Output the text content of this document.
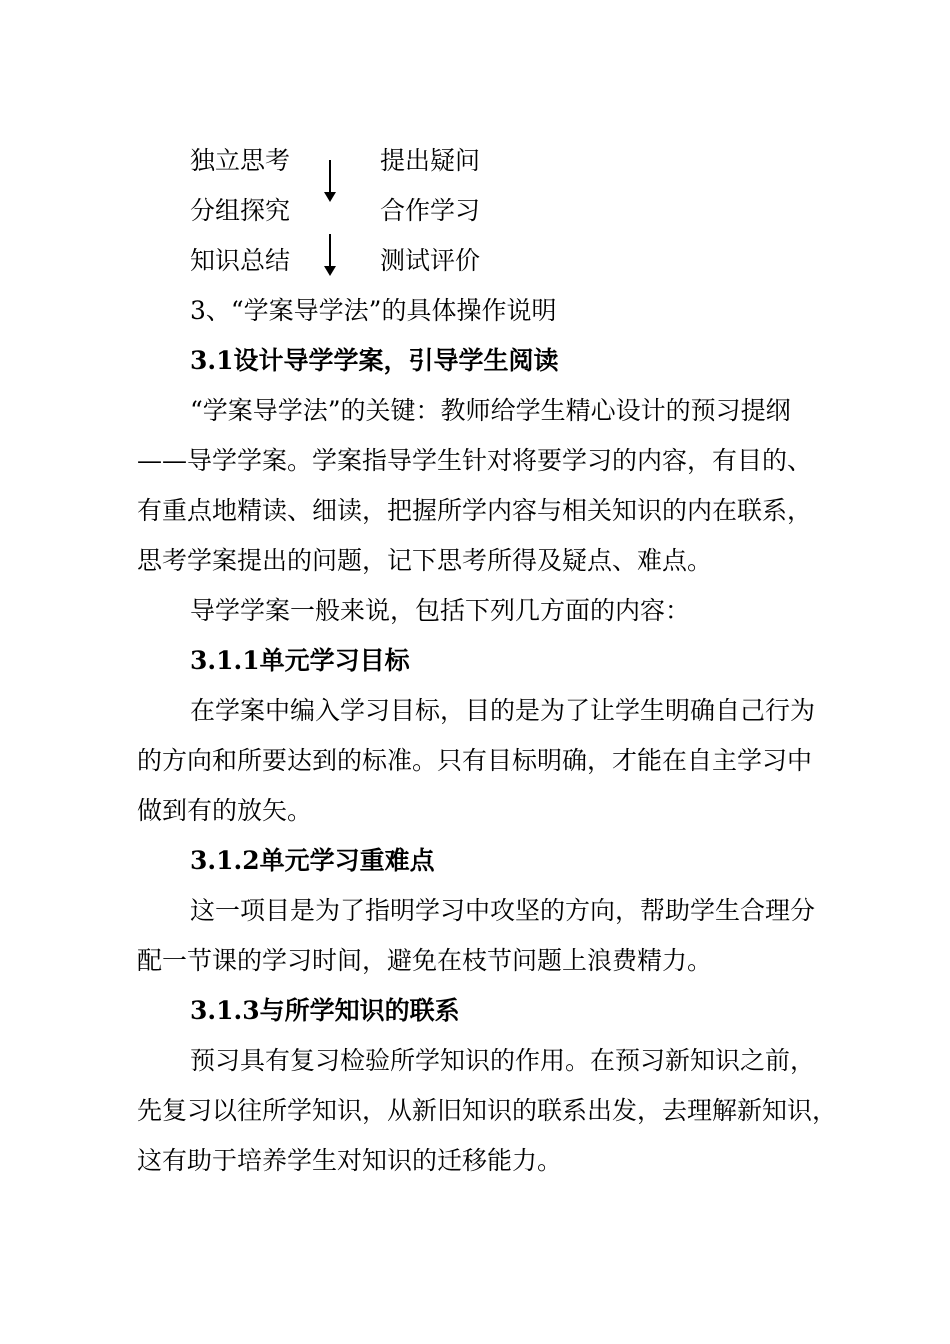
独立思考	提出疑问
分组探究	合作学习
知识总结	测试评价
3、“学案导学法”的具体操作说明
3.1设计导学学案，引导学生阅读
“学案导学法”的关键：教师给学生精心设计的预习提纲
——导学学案。学案指导学生针对将要学习的内容，有目的、
有重点地精读、细读，把握所学内容与相关知识的内在联系，
思考学案提出的问题，记下思考所得及疑点、难点。
导学学案一般来说，包括下列几方面的内容：
3.1.1单元学习目标
在学案中编入学习目标，目的是为了让学生明确自己行为
的方向和所要达到的标准。只有目标明确，才能在自主学习中
做到有的放矢。
3.1.2单元学习重难点
这一项目是为了指明学习中攻坚的方向，帮助学生合理分
配一节课的学习时间，避免在枝节问题上浪费精力。
3.1.3与所学知识的联系
预习具有复习检验所学知识的作用。在预习新知识之前，
先复习以往所学知识，从新旧知识的联系出发，去理解新知识，
这有助于培养学生对知识的迁移能力。
